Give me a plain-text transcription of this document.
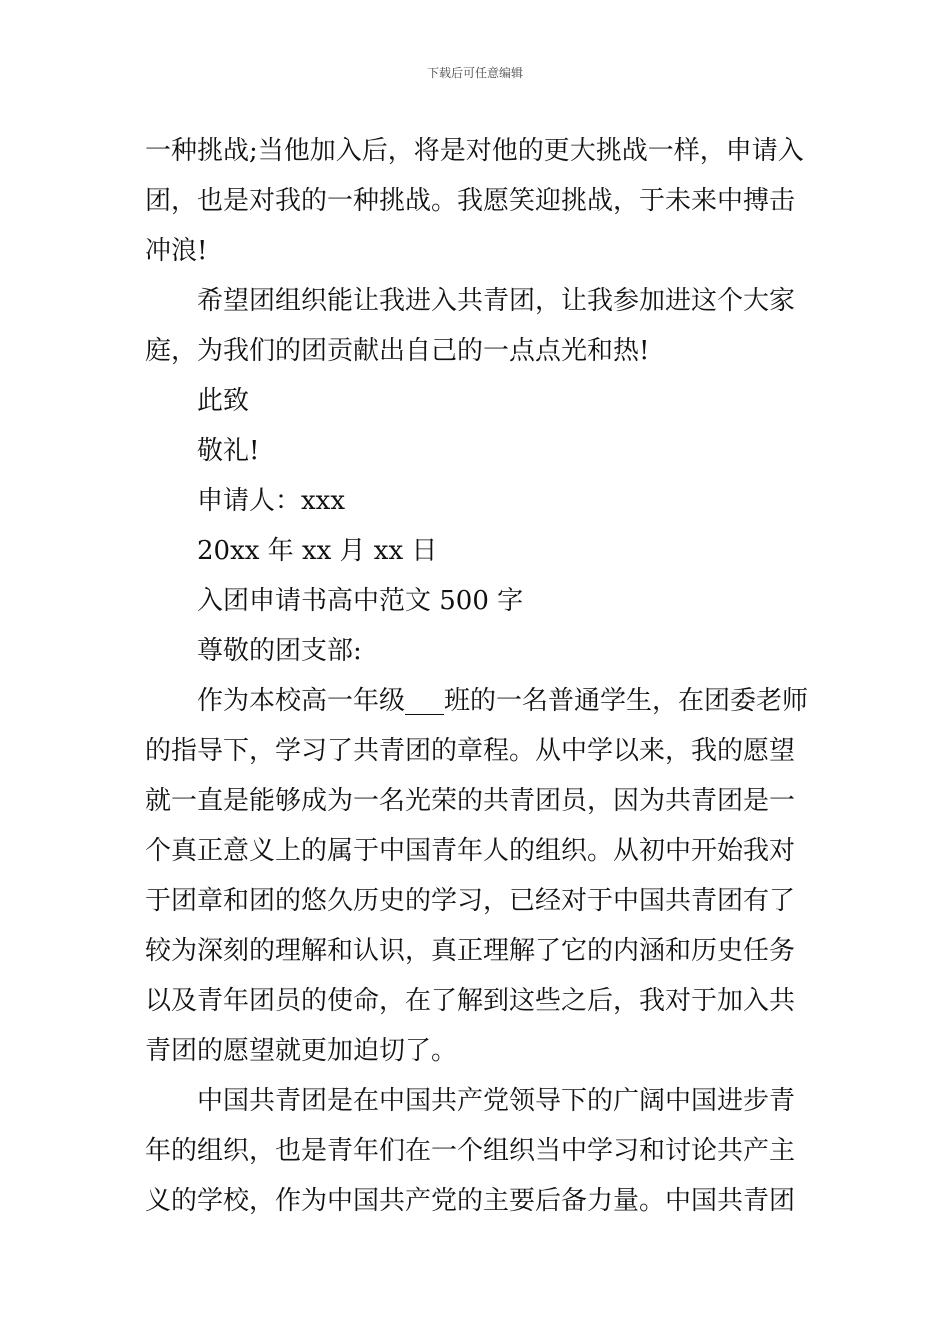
下载后可任意编辑
一种挑战;当他加入后，将是对他的更大挑战一样，申请入
团，也是对我的一种挑战。我愿笑迎挑战，于未来中搏击
冲浪!
希望团组织能让我进入共青团，让我参加进这个大家
庭，为我们的团贡献出自己的一点点光和热!
此致
敬礼!
申请人：xxx
20xx 年 xx 月 xx 日
入团申请书高中范文 500 字
尊敬的团支部:
作为本校高一年级___班的一名普通学生，在团委老师
的指导下，学习了共青团的章程。从中学以来，我的愿望
就一直是能够成为一名光荣的共青团员，因为共青团是一
个真正意义上的属于中国青年人的组织。从初中开始我对
于团章和团的悠久历史的学习，已经对于中国共青团有了
较为深刻的理解和认识，真正理解了它的内涵和历史任务
以及青年团员的使命，在了解到这些之后，我对于加入共
青团的愿望就更加迫切了。
中国共青团是在中国共产党领导下的广阔中国进步青
年的组织，也是青年们在一个组织当中学习和讨论共产主
义的学校，作为中国共产党的主要后备力量。中国共青团
